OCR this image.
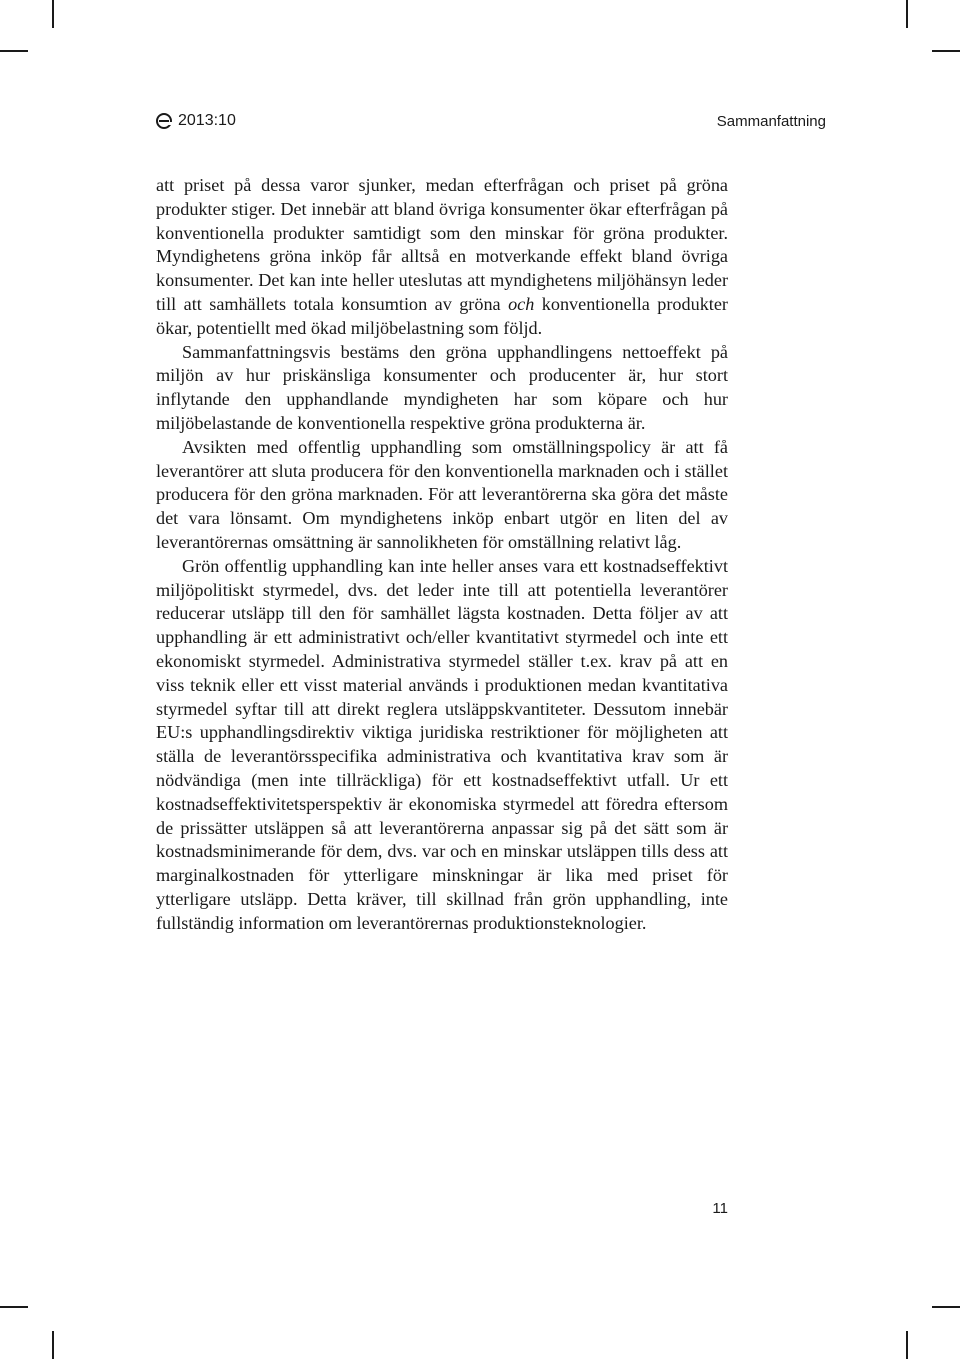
2013:10	Sammanfattning

att priset på dessa varor sjunker, medan efterfrågan och priset på gröna produkter stiger. Det innebär att bland övriga konsumenter ökar efterfrågan på konventionella produkter samtidigt som den minskar för gröna produkter. Myndighetens gröna inköp får alltså en motverkande effekt bland övriga konsumenter. Det kan inte heller uteslutas att myndighetens miljöhänsyn leder till att samhällets totala konsumtion av gröna och konventionella produkter ökar, potentiellt med ökad miljöbelastning som följd.

Sammanfattningsvis bestäms den gröna upphandlingens nettoeffekt på miljön av hur priskänsliga konsumenter och producenter är, hur stort inflytande den upphandlande myndigheten har som köpare och hur miljöbelastande de konventionella respektive gröna produkterna är.

Avsikten med offentlig upphandling som omställningspolicy är att få leverantörer att sluta producera för den konventionella marknaden och i stället producera för den gröna marknaden. För att leverantörerna ska göra det måste det vara lönsamt. Om myndighetens inköp enbart utgör en liten del av leverantörernas omsättning är sannolikheten för omställning relativt låg.

Grön offentlig upphandling kan inte heller anses vara ett kostnadseffektivt miljöpolitiskt styrmedel, dvs. det leder inte till att potentiella leverantörer reducerar utsläpp till den för samhället lägsta kostnaden. Detta följer av att upphandling är ett administrativt och/eller kvantitativt styrmedel och inte ett ekonomiskt styrmedel. Administrativa styrmedel ställer t.ex. krav på att en viss teknik eller ett visst material används i produktionen medan kvantitativa styrmedel syftar till att direkt reglera utsläppskvantiteter. Dessutom innebär EU:s upphandlingsdirektiv viktiga juridiska restriktioner för möjligheten att ställa de leverantörsspecifika administrativa och kvantitativa krav som är nödvändiga (men inte tillräckliga) för ett kostnadseffektivt utfall. Ur ett kostnadseffektivitetsperspektiv är ekonomiska styrmedel att föredra eftersom de prissätter utsläppen så att leverantörerna anpassar sig på det sätt som är kostnadsminimerande för dem, dvs. var och en minskar utsläppen tills dess att marginalkostnaden för ytterligare minskningar är lika med priset för ytterligare utsläpp. Detta kräver, till skillnad från grön upphandling, inte fullständig information om leverantörernas produktionsteknologier.

11
